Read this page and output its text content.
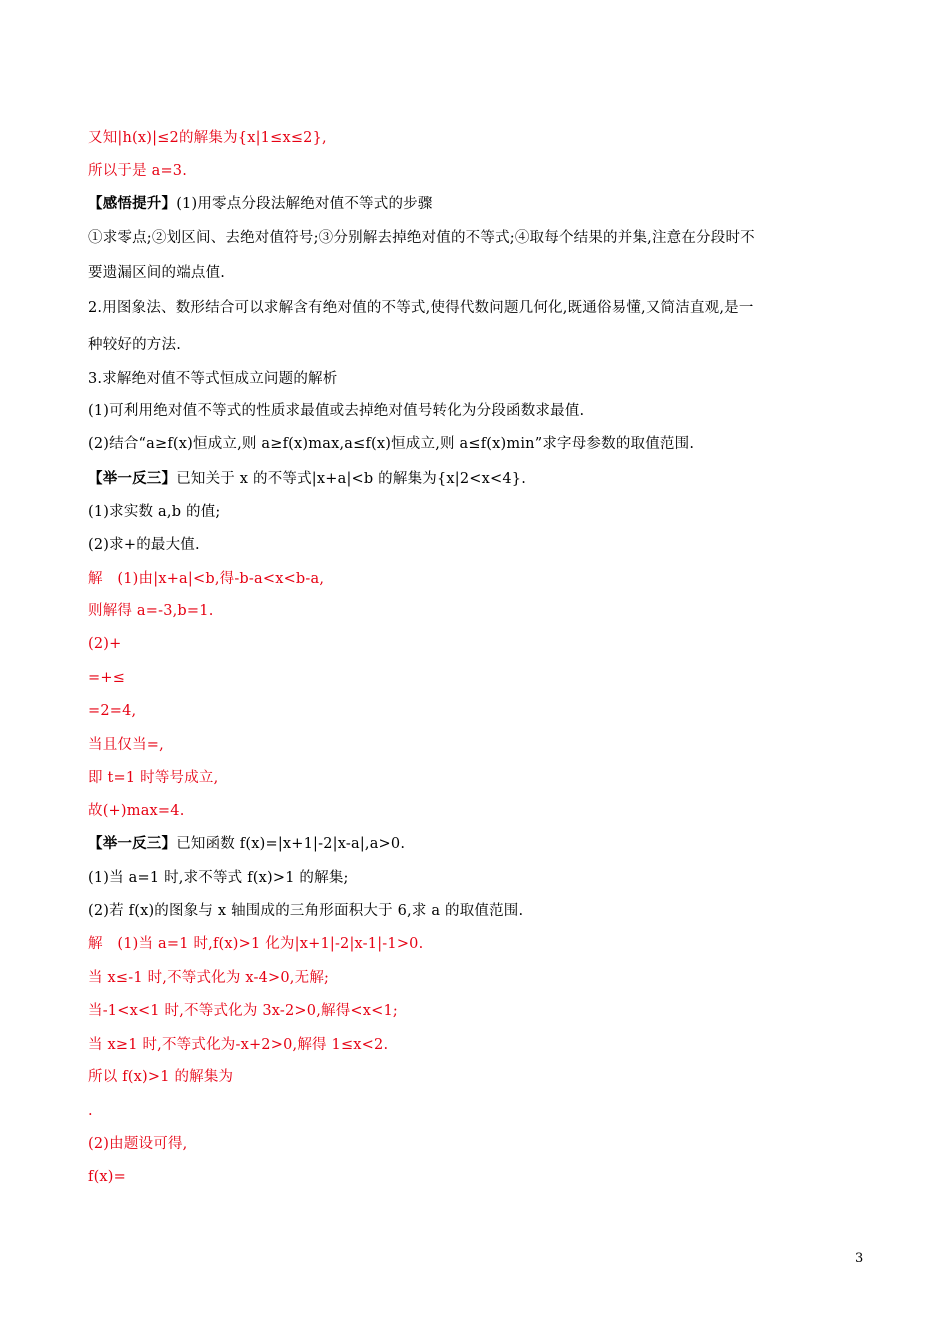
又知|h(x)|≤2的解集为{x|1≤x≤2},
所以于是 a=3.
【感悟提升】(1)用零点分段法解绝对值不等式的步骤
①求零点;②划区间、去绝对值符号;③分别解去掉绝对值的不等式;④取每个结果的并集,注意在分段时不
要遗漏区间的端点值.
2.用图象法、数形结合可以求解含有绝对值的不等式,使得代数问题几何化,既通俗易懂,又简洁直观,是一
种较好的方法.
3.求解绝对值不等式恒成立问题的解析
(1)可利用绝对值不等式的性质求最值或去掉绝对值号转化为分段函数求最值.
(2)结合“a≥f(x)恒成立,则 a≥f(x)max,a≤f(x)恒成立,则 a≤f(x)min”求字母参数的取值范围.
【举一反三】已知关于 x 的不等式|x+a|<b 的解集为{x|2<x<4}.
(1)求实数 a,b 的值;
(2)求+的最大值.
解　(1)由|x+a|<b,得-b-a<x<b-a,
则解得 a=-3,b=1.
(2)+
=+≤
=2=4,
当且仅当=,
即 t=1 时等号成立,
故(+)max=4.
【举一反三】已知函数 f(x)=|x+1|-2|x-a|,a>0.
(1)当 a=1 时,求不等式 f(x)>1 的解集;
(2)若 f(x)的图象与 x 轴围成的三角形面积大于 6,求 a 的取值范围.
解　(1)当 a=1 时,f(x)>1 化为|x+1|-2|x-1|-1>0.
当 x≤-1 时,不等式化为 x-4>0,无解;
当-1<x<1 时,不等式化为 3x-2>0,解得<x<1;
当 x≥1 时,不等式化为-x+2>0,解得 1≤x<2.
所以 f(x)>1 的解集为
.
(2)由题设可得,
f(x)=
3
